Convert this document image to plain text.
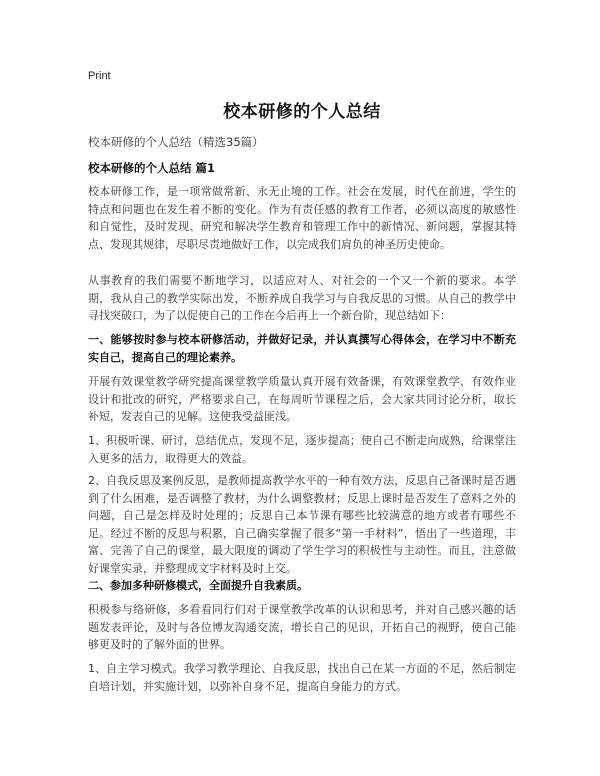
Print
校本研修的个人总结
校本研修的个人总结（精选35篇）
校本研修的个人总结 篇1

校本研修工作，是一项常做常新、永无止境的工作。社会在发展，时代在前进，学生的特点和问题也在发生着不断的变化。作为有责任感的教育工作者，必须以高度的敏感性和自觉性，及时发现、研究和解决学生教育和管理工作中的新情况、新问题，掌握其特点、发现其规律，尽职尽责地做好工作，以完成我们肩负的神圣历史使命。

从事教育的我们需要不断地学习，以适应对人、对社会的一个又一个新的要求。本学期，我从自己的教学实际出发，不断养成自我学习与自我反思的习惯。从自己的教学中寻找突破口，为了以促使自己的工作在今后再上一个新台阶，现总结如下：

一、能够按时参与校本研修活动，并做好记录，并认真撰写心得体会，在学习中不断充实自己，提高自己的理论素养。

开展有效课堂教学研究提高课堂教学质量认真开展有效备课，有效课堂教学、有效作业设计和批改的研究，严格要求自己，在每周听节课程之后，会大家共同讨论分析，取长补短，发表自己的见解。这使我受益匪浅。

1、积极听课、研讨，总结优点，发现不足，逐步提高；使自己不断走向成熟，给课堂注入更多的活力，取得更大的效益。

2、自我反思及案例反思，是教师提高教学水平的一种有效方法，反思自己备课时是否遇到了什么困难，是否调整了教材，为什么调整教材；反思上课时是否发生了意料之外的问题，自己是怎样及时处理的；反思自己本节课有哪些比较满意的地方或者有哪些不足。经过不断的反思与积累，自己确实掌握了很多“第一手材料”，悟出了一些道理，丰富、完善了自己的课堂，最大限度的调动了学生学习的积极性与主动性。而且，注意做好课堂实录，并整理成文字材料及时上交。

二、参加多种研修模式，全面提升自我素质。

积极参与络研修，多看看同行们对于课堂教学改革的认识和思考，并对自己感兴趣的话题发表评论，及时与各位博友沟通交流，增长自己的见识，开拓自己的视野，使自己能够更及时的了解外面的世界。

1、自主学习模式。我学习教学理论、自我反思，找出自己在某一方面的不足，然后制定自培计划，并实施计划，以弥补自身不足，提高自身能力的方式。
